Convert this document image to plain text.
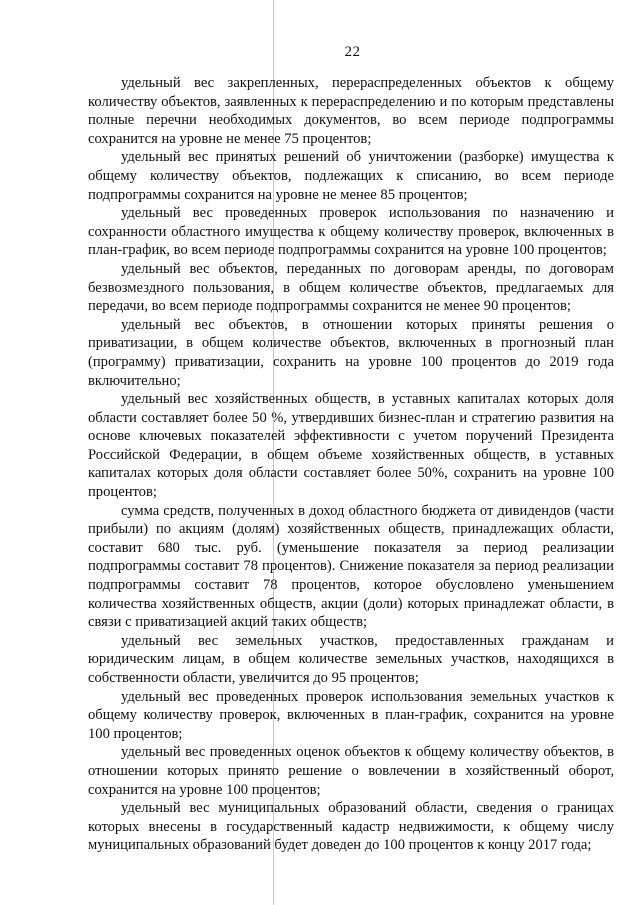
22

удельный вес закрепленных, перераспределенных объектов к общему количеству объектов, заявленных к перераспределению и по которым представлены полные перечни необходимых документов, во всем периоде подпрограммы сохранится на уровне не менее 75 процентов;

удельный вес принятых решений об уничтожении (разборке) имущества к общему количеству объектов, подлежащих к списанию, во всем периоде подпрограммы сохранится на уровне не менее 85 процентов;

удельный вес проведенных проверок использования по назначению и сохранности областного имущества к общему количеству проверок, включенных в план-график, во всем периоде подпрограммы сохранится на уровне 100 процентов;

удельный вес объектов, переданных по договорам аренды, по договорам безвозмездного пользования, в общем количестве объектов, предлагаемых для передачи, во всем периоде подпрограммы сохранится не менее 90 процентов;

удельный вес объектов, в отношении которых приняты решения о приватизации, в общем количестве объектов, включенных в прогнозный план (программу) приватизации, сохранить на уровне 100 процентов до 2019 года включительно;

удельный вес хозяйственных обществ, в уставных капиталах которых доля области составляет более 50 %, утвердивших бизнес-план и стратегию развития на основе ключевых показателей эффективности с учетом поручений Президента Российской Федерации, в общем объеме хозяйственных обществ, в уставных капиталах которых доля области составляет более 50%, сохранить на уровне 100 процентов;

сумма средств, полученных в доход областного бюджета от дивидендов (части прибыли) по акциям (долям) хозяйственных обществ, принадлежащих области, составит 680 тыс. руб. (уменьшение показателя за период реализации подпрограммы составит 78 процентов). Снижение показателя за период реализации подпрограммы составит 78 процентов, которое обусловлено уменьшением количества хозяйственных обществ, акции (доли) которых принадлежат области, в связи с приватизацией акций таких обществ;

удельный вес земельных участков, предоставленных гражданам и юридическим лицам, в общем количестве земельных участков, находящихся в собственности области, увеличится до 95 процентов;

удельный вес проведенных проверок использования земельных участков к общему количеству проверок, включенных в план-график, сохранится на уровне 100 процентов;

удельный вес проведенных оценок объектов к общему количеству объектов, в отношении которых принято решение о вовлечении в хозяйственный оборот, сохранится на уровне 100 процентов;

удельный вес муниципальных образований области, сведения о границах которых внесены в государственный кадастр недвижимости, к общему числу муниципальных образований будет доведен до 100 процентов к концу 2017 года;
